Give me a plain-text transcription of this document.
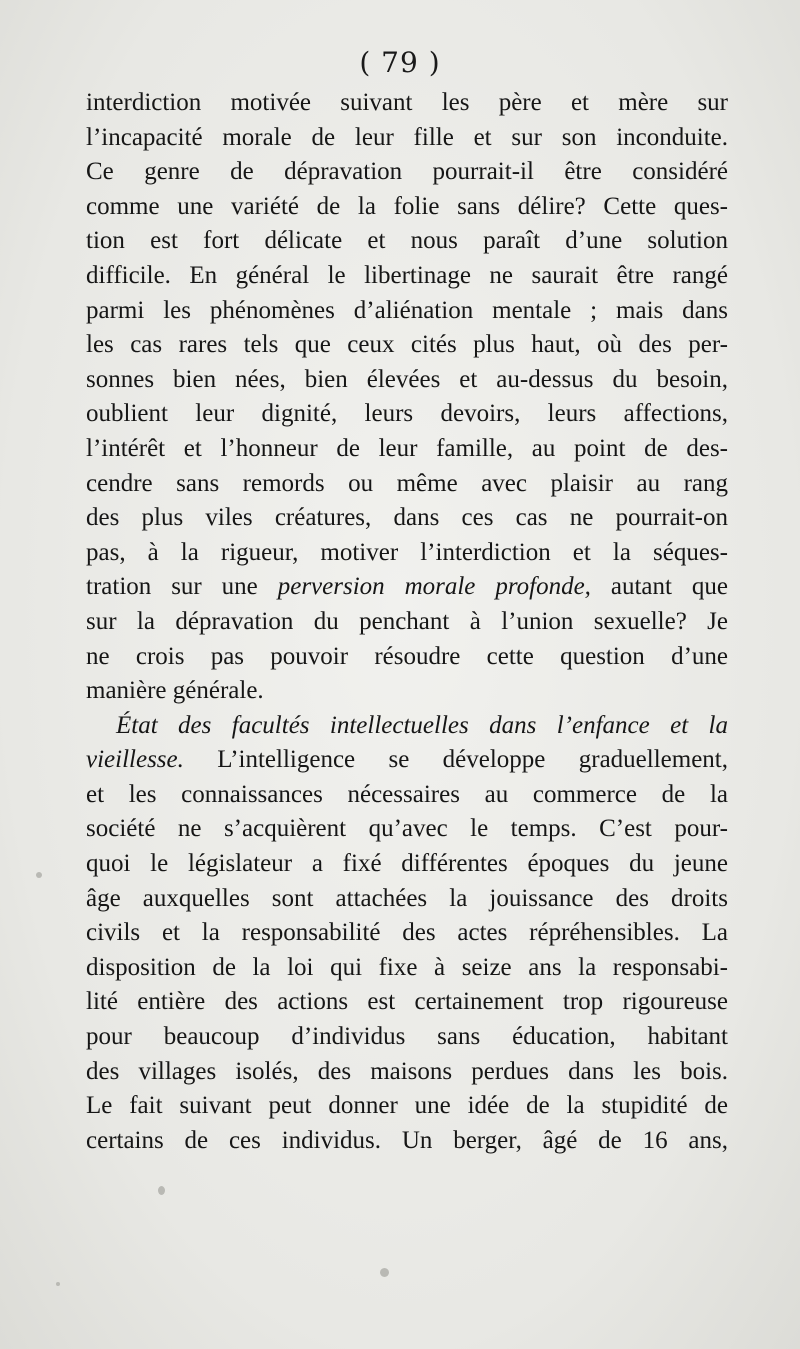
( 79 )
interdiction motivée suivant les père et mère sur
l’incapacité morale de leur fille et sur son inconduite.
Ce genre de dépravation pourrait-il être considéré
comme une variété de la folie sans délire? Cette ques-
tion est fort délicate et nous paraît d’une solution
difficile. En général le libertinage ne saurait être rangé
parmi les phénomènes d’aliénation mentale ; mais dans
les cas rares tels que ceux cités plus haut, où des per-
sonnes bien nées, bien élevées et au-dessus du besoin,
oublient leur dignité, leurs devoirs, leurs affections,
l’intérêt et l’honneur de leur famille, au point de des-
cendre sans remords ou même avec plaisir au rang
des plus viles créatures, dans ces cas ne pourrait-on
pas, à la rigueur, motiver l’interdiction et la séques-
tration sur une perversion morale profonde, autant que
sur la dépravation du penchant à l’union sexuelle? Je
ne crois pas pouvoir résoudre cette question d’une
manière générale.
État des facultés intellectuelles dans l’enfance et la
vieillesse. L’intelligence se développe graduellement,
et les connaissances nécessaires au commerce de la
société ne s’acquièrent qu’avec le temps. C’est pour-
quoi le législateur a fixé différentes époques du jeune
âge auxquelles sont attachées la jouissance des droits
civils et la responsabilité des actes répréhensibles. La
disposition de la loi qui fixe à seize ans la responsabi-
lité entière des actions est certainement trop rigoureuse
pour beaucoup d’individus sans éducation, habitant
des villages isolés, des maisons perdues dans les bois.
Le fait suivant peut donner une idée de la stupidité de
certains de ces individus. Un berger, âgé de 16 ans,
